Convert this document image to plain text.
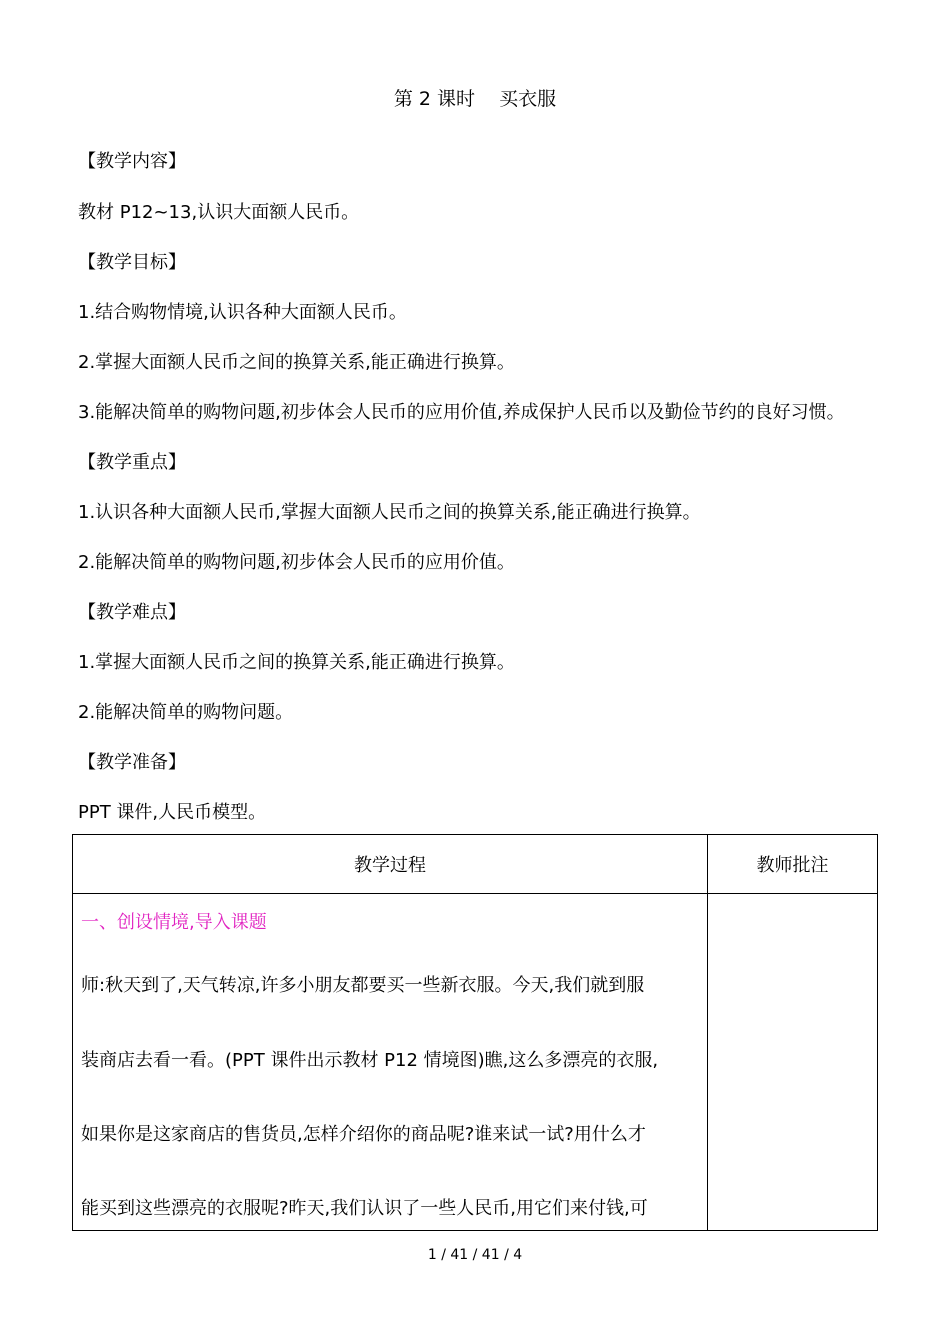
第 2 课时    买衣服
【教学内容】
教材 P12~13,认识大面额人民币。
【教学目标】
1.结合购物情境,认识各种大面额人民币。
2.掌握大面额人民币之间的换算关系,能正确进行换算。
3.能解决简单的购物问题,初步体会人民币的应用价值,养成保护人民币以及勤俭节约的良好习惯。
【教学重点】
1.认识各种大面额人民币,掌握大面额人民币之间的换算关系,能正确进行换算。
2.能解决简单的购物问题,初步体会人民币的应用价值。
【教学难点】
1.掌握大面额人民币之间的换算关系,能正确进行换算。
2.能解决简单的购物问题。
【教学准备】
PPT 课件,人民币模型。
教学过程	教师批注

一、创设情境,导入课题
师:秋天到了,天气转凉,许多小朋友都要买一些新衣服。今天,我们就到服
装商店去看一看。(PPT 课件出示教材 P12 情境图)瞧,这么多漂亮的衣服,
如果你是这家商店的售货员,怎样介绍你的商品呢?谁来试一试?用什么才
能买到这些漂亮的衣服呢?昨天,我们认识了一些人民币,用它们来付钱,可	

1 / 41 / 41 / 4
